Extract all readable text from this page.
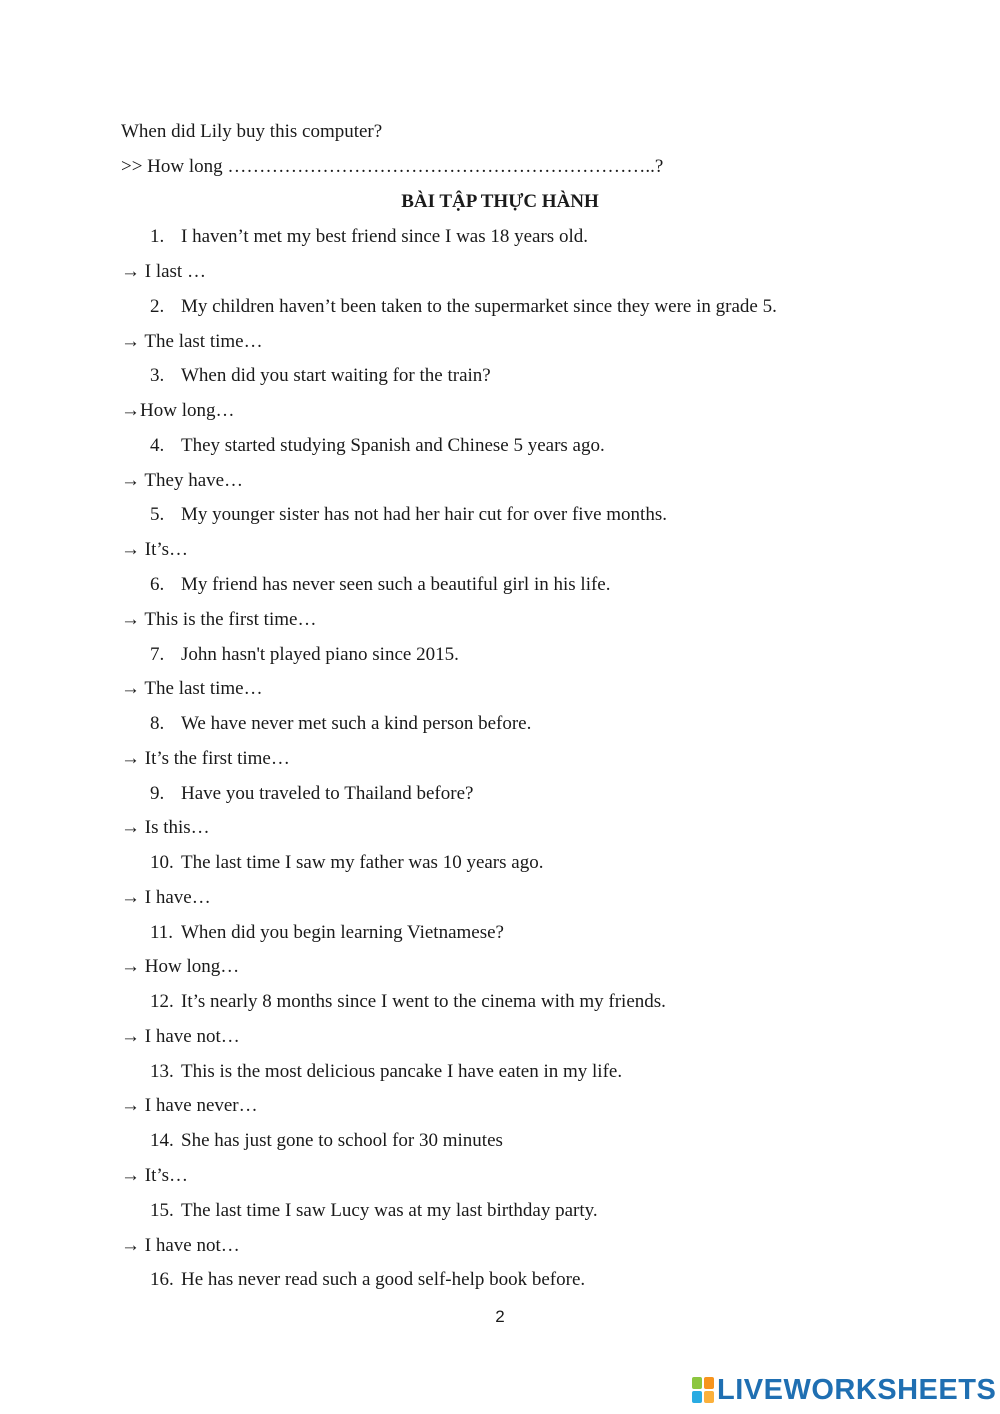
When did Lily buy this computer?
>> How long …………………………………………………………..?
BÀI TẬP THỰC HÀNH
1. I haven’t met my best friend since I was 18 years old.
→ I last …
2. My children haven’t been taken to the supermarket since they were in grade 5.
→ The last time…
3. When did you start waiting for the train?
→How long…
4. They started studying Spanish and Chinese 5 years ago.
→ They have…
5. My younger sister has not had her hair cut for over five months.
→ It’s…
6. My friend has never seen such a beautiful girl in his life.
→ This is the first time…
7. John hasn't played piano since 2015.
→ The last time…
8. We have never met such a kind person before.
→ It’s the first time…
9. Have you traveled to Thailand before?
→ Is this…
10. The last time I saw my father was 10 years ago.
→ I have…
11. When did you begin learning Vietnamese?
→ How long…
12. It’s nearly 8 months since I went to the cinema with my friends.
→ I have not…
13. This is the most delicious pancake I have eaten in my life.
→ I have never…
14. She has just gone to school for 30 minutes
→ It’s…
15. The last time I saw Lucy was at my last birthday party.
→ I have not…
16. He has never read such a good self-help book before.
2
LIVEWORKSHEETS
